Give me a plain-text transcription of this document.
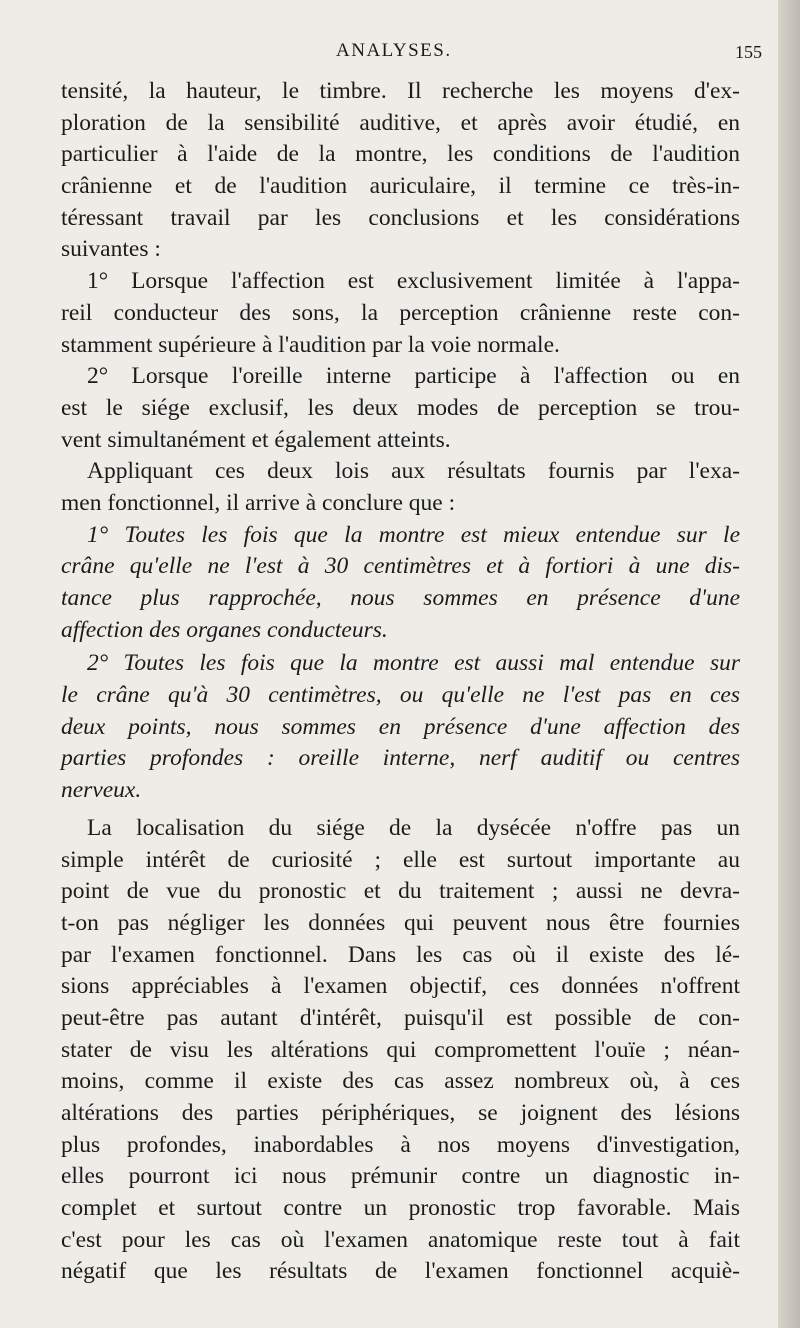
ANALYSES.	155
tensité, la hauteur, le timbre. Il recherche les moyens d'ex-
ploration de la sensibilité auditive, et après avoir étudié, en
particulier à l'aide de la montre, les conditions de l'audition
crânienne et de l'audition auriculaire, il termine ce très-in-
téressant travail par les conclusions et les considérations
suivantes :
1° Lorsque l'affection est exclusivement limitée à l'appa-
reil conducteur des sons, la perception crânienne reste con-
stamment supérieure à l'audition par la voie normale.
2° Lorsque l'oreille interne participe à l'affection ou en
est le siége exclusif, les deux modes de perception se trou-
vent simultanément et également atteints.
Appliquant ces deux lois aux résultats fournis par l'exa-
men fonctionnel, il arrive à conclure que :
1° Toutes les fois que la montre est mieux entendue sur le
crâne qu'elle ne l'est à 30 centimètres et à fortiori à une dis-
tance plus rapprochée, nous sommes en présence d'une
affection des organes conducteurs.
2° Toutes les fois que la montre est aussi mal entendue sur
le crâne qu'à 30 centimètres, ou qu'elle ne l'est pas en ces
deux points, nous sommes en présence d'une affection des
parties profondes : oreille interne, nerf auditif ou centres
nerveux.
La localisation du siége de la dysécée n'offre pas un
simple intérêt de curiosité ; elle est surtout importante au
point de vue du pronostic et du traitement ; aussi ne devra-
t-on pas négliger les données qui peuvent nous être fournies
par l'examen fonctionnel. Dans les cas où il existe des lé-
sions appréciables à l'examen objectif, ces données n'offrent
peut-être pas autant d'intérêt, puisqu'il est possible de con-
stater de visu les altérations qui compromettent l'ouïe ; néan-
moins, comme il existe des cas assez nombreux où, à ces
altérations des parties périphériques, se joignent des lésions
plus profondes, inabordables à nos moyens d'investigation,
elles pourront ici nous prémunir contre un diagnostic in-
complet et surtout contre un pronostic trop favorable. Mais
c'est pour les cas où l'examen anatomique reste tout à fait
négatif que les résultats de l'examen fonctionnel acquiè-
